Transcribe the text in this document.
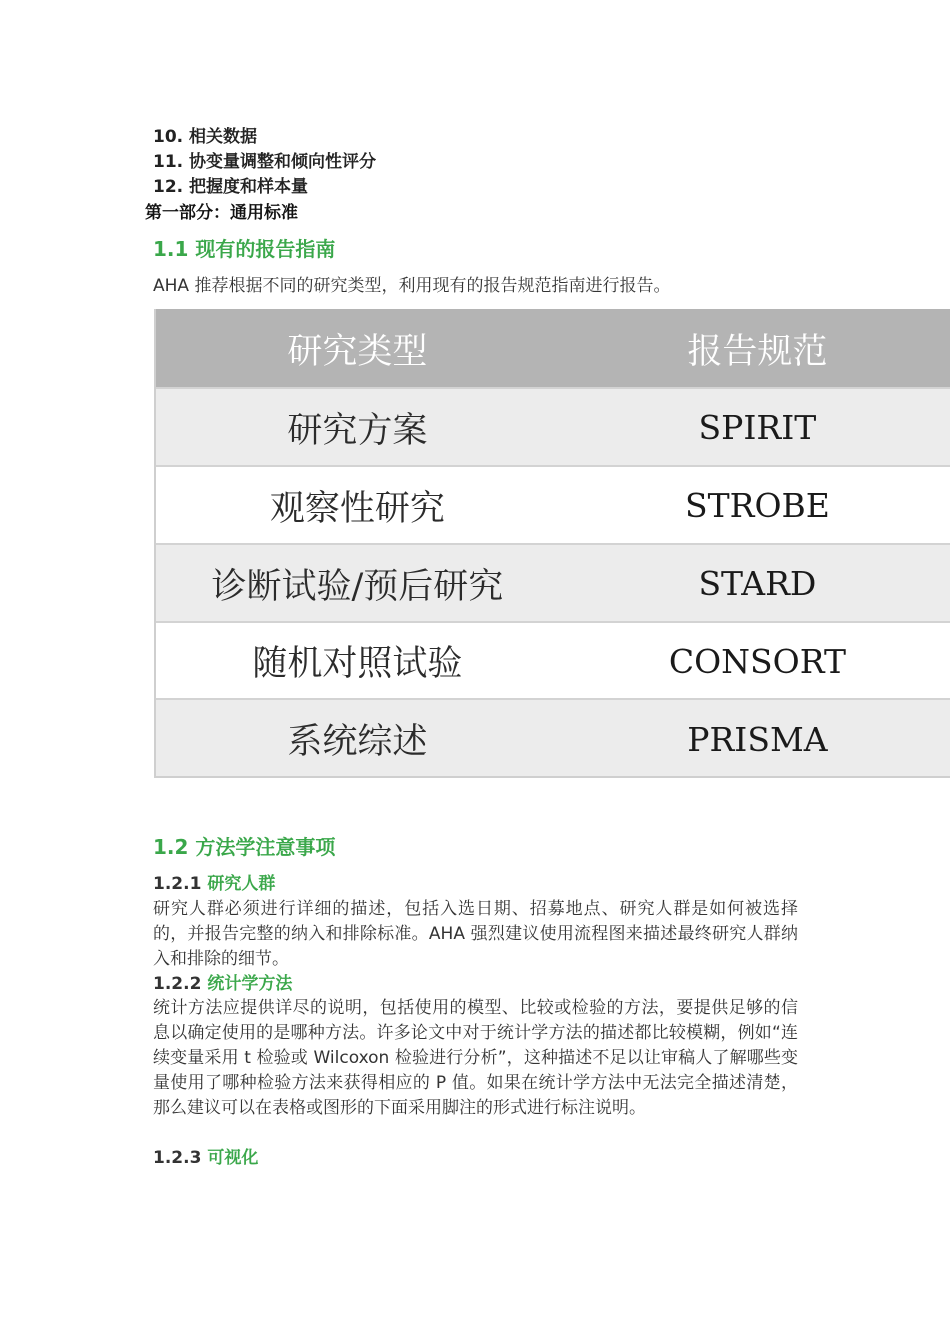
10. 相关数据
11. 协变量调整和倾向性评分
12. 把握度和样本量
第一部分：通用标准
1.1 现有的报告指南
AHA 推荐根据不同的研究类型，利用现有的报告规范指南进行报告。
研究类型	报告规范
研究方案	SPIRIT
观察性研究	STROBE
诊断试验/预后研究	STARD
随机对照试验	CONSORT
系统综述	PRISMA
1.2 方法学注意事项
1.2.1 研究人群
研究人群必须进行详细的描述，包括入选日期、招募地点、研究人群是如何被选择的，并报告完整的纳入和排除标准。AHA 强烈建议使用流程图来描述最终研究人群纳入和排除的细节。
1.2.2 统计学方法
统计方法应提供详尽的说明，包括使用的模型、比较或检验的方法，要提供足够的信息以确定使用的是哪种方法。许多论文中对于统计学方法的描述都比较模糊，例如“连续变量采用 t 检验或 Wilcoxon 检验进行分析”，这种描述不足以让审稿人了解哪些变量使用了哪种检验方法来获得相应的 P 值。如果在统计学方法中无法完全描述清楚，那么建议可以在表格或图形的下面采用脚注的形式进行标注说明。
1.2.3 可视化
